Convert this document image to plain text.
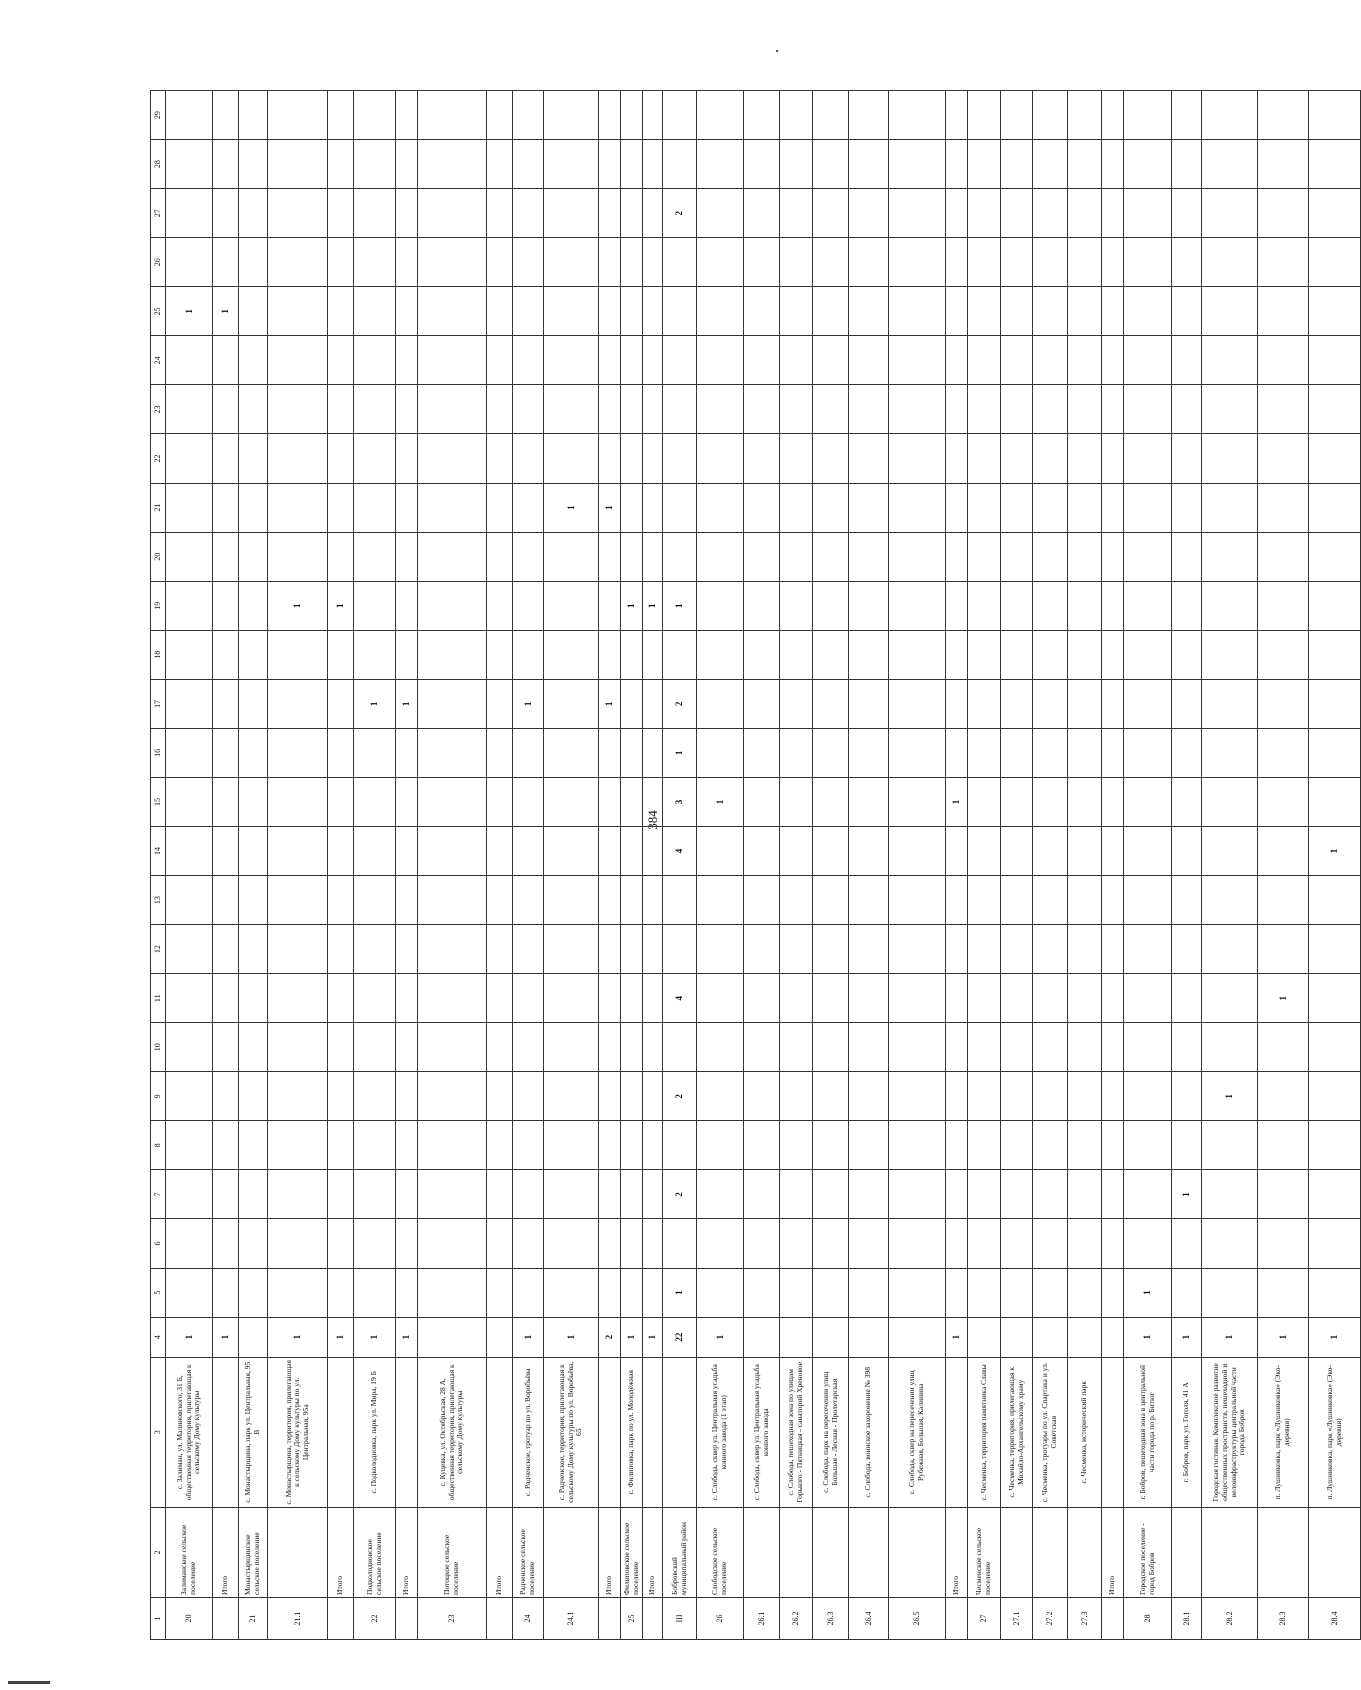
384
1	2	3	4	5	6	7	8	9	10	11	12	13	14	15	16	17	18	19	20	21	22	23	24	25	26	27	28	29
20	Залиманское сельское поселение	с. Залиман, ул. Малиновского, 31 Б, общественная территория, прилегающая к сельскому Дому культуры	1																					1				
	Итого		1																					1				
21	Монастырщинское сельское поселение	с. Монастырщина, парк ул. Центральная, 95 В																										
21.1		с. Монастырщина, территория, прилегающая к сельскому Дому культуры по ул. Центральная, 95а	1															1										
	Итого		1															1										
22	Подколодновское сельское поселение	с. Подколодновка, парк ул. Мира, 19 Б	1													1												
	Итого		1													1												
23	Потоцкое сельское поселение	с. Куцевка, ул. Октябрьская, 28 А, общественная территория, прилегающая к сельскому Дому культуры																										
	Итого																											
24	Радченское сельское поселение	с. Радченское, тротуар по ул. Воробьёва	1													1												
24.1		с. Радченское, территория, прилегающая к сельскому Дому культуры по ул. Воробьёва, 65	1																	1								
	Итого		2													1				1								
25	Филиповское сельское поселение	с. Филиповка, парк по ул. Молодёжная	1															1										
	Итого		1															1										
III	Бобровский муниципальный район		22	1		2		2		4			4	3	1	2		1								2		
26	Слободское сельское поселение	с. Слобода, сквер ул. Центральная усадьба конного завода (1 этап)	1											1														
26.1		с. Слобода, сквер ул. Центральная усадьба конного завода																										
26.2		с. Слобода, пешеходная зона по улицам Горького - Пятницкая - санаторий Хреновое																										
26.3		с. Слобода, парк на пересечении улиц Большая - Лесная - Пролетарская																										
26.4		с. Слобода, воинское захоронение № 398																										
26.5		с. Слобода, сквер на пересечении улиц Рубежная, Большая, Калинина																										
	Итого		1											1														
27	Чесменское сельское поселение	с. Чесменка, территория памятника Славы																										
27.1		с. Чесменка, территория, прилегающая к Михайло-Архангельскому храму																										
27.2		с. Чесменка, тротуары по ул. Спартака и ул. Советская																										
27.3		с. Чесменка, исторический парк																										
	Итого																											
28	Городское поселение - город Бобров	г. Бобров, пешеходная зона в центральной части города по р. Битюг	1	1																								
28.1		г. Бобров, парк ул. Гоголя, 41 А	1			1																						
28.2		Городская гостиная. Комплексное развитие общественных пространств, пешеходной и велоинфраструктуры центральной части города Бобров	1					1																				
28.3		п. Лушниковка, парк «Лушниковка» (Эко-деревня)	1							1																		
28.4		п. Лушниковка, парк «Лушниковка» (Эко-деревня)	1										1															
